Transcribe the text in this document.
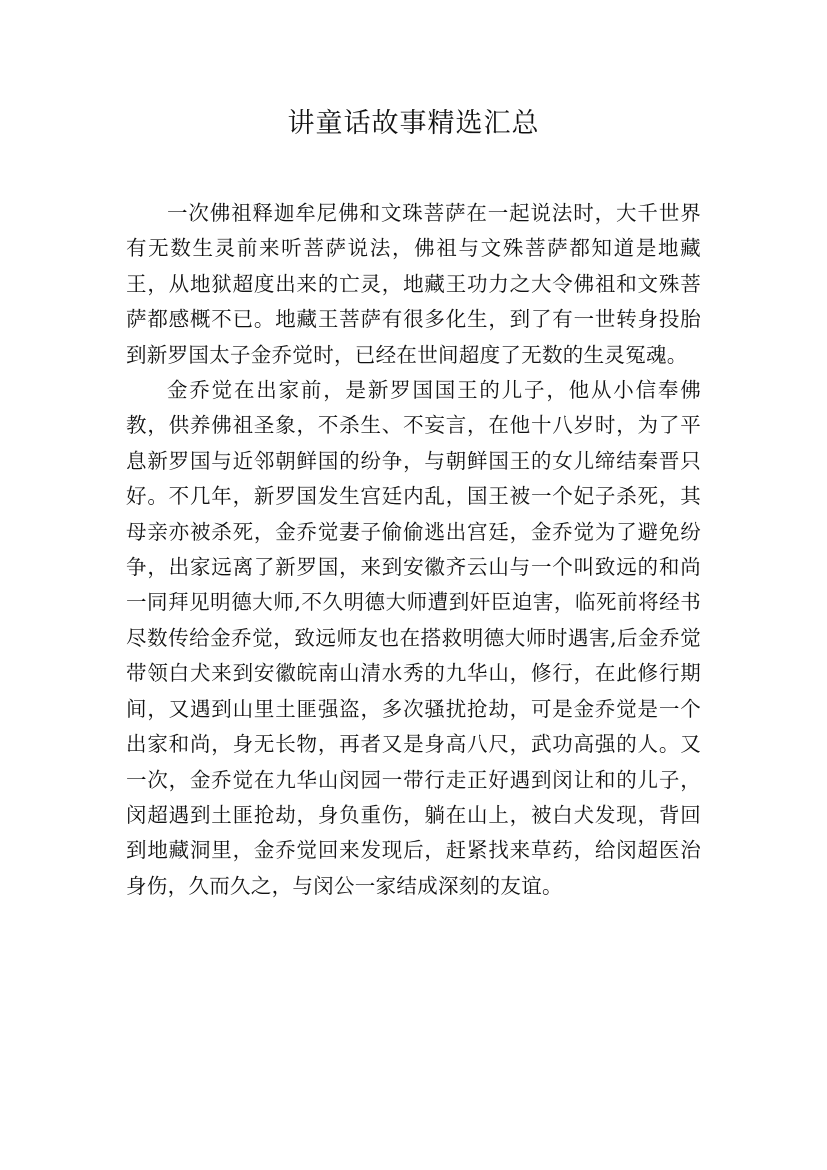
讲童话故事精选汇总

一次佛祖释迦牟尼佛和文珠菩萨在一起说法时，大千世界有无数生灵前来听菩萨说法，佛祖与文殊菩萨都知道是地藏王，从地狱超度出来的亡灵，地藏王功力之大令佛祖和文殊菩萨都感概不已。地藏王菩萨有很多化生，到了有一世转身投胎到新罗国太子金乔觉时，已经在世间超度了无数的生灵冤魂。

金乔觉在出家前，是新罗国国王的儿子，他从小信奉佛教，供养佛祖圣象，不杀生、不妄言，在他十八岁时，为了平息新罗国与近邻朝鲜国的纷争，与朝鲜国王的女儿缔结秦晋只好。不几年，新罗国发生宫廷内乱，国王被一个妃子杀死，其母亲亦被杀死，金乔觉妻子偷偷逃出宫廷，金乔觉为了避免纷争，出家远离了新罗国，来到安徽齐云山与一个叫致远的和尚一同拜见明德大师,不久明德大师遭到奸臣迫害，临死前将经书尽数传给金乔觉，致远师友也在搭救明德大师时遇害,后金乔觉带领白犬来到安徽皖南山清水秀的九华山，修行，在此修行期间，又遇到山里土匪强盗，多次骚扰抢劫，可是金乔觉是一个出家和尚，身无长物，再者又是身高八尺，武功高强的人。又一次，金乔觉在九华山闵园一带行走正好遇到闵让和的儿子，闵超遇到土匪抢劫，身负重伤，躺在山上，被白犬发现，背回到地藏洞里，金乔觉回来发现后，赶紧找来草药，给闵超医治身伤，久而久之，与闵公一家结成深刻的友谊。
